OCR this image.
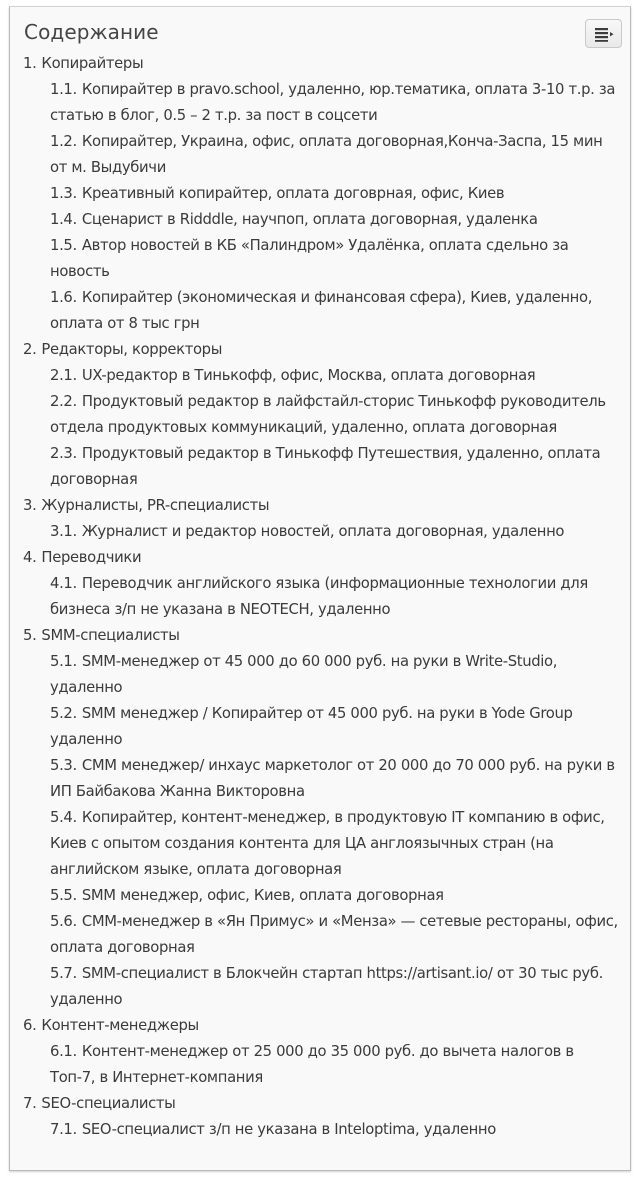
Содержание
1. Копирайтеры
1.1. Копирайтер в pravo.school, удаленно, юр.тематика, оплата 3-10 т.р. за статью в блог, 0.5 – 2 т.р. за пост в соцсети
1.2. Копирайтер, Украина, офис, оплата договорная,Конча-Заспа, 15 мин от м. Выдубичи
1.3. Креативный копирайтер, оплата договрная, офис, Киев
1.4. Сценарист в Ridddle, научпоп, оплата договорная, удаленка
1.5. Автор новостей в КБ «Палиндром» Удалёнка, оплата сдельно за новость
1.6. Копирайтер (экономическая и финансовая сфера), Киев, удаленно, оплата от 8 тыс грн
2. Редакторы, корректоры
2.1. UX-редактор в Тинькофф, офис, Москва, оплата договорная
2.2. Продуктовый редактор в лайфстайл-сторис Тинькофф руководитель отдела продуктовых коммуникаций, удаленно, оплата договорная
2.3. Продуктовый редактор в Тинькофф Путешествия, удаленно, оплата договорная
3. Журналисты, PR-специалисты
3.1. Журналист и редактор новостей, оплата договорная, удаленно
4. Переводчики
4.1. Переводчик английского языка (информационные технологии для бизнеса з/п не указана в NEOTECH, удаленно
5. SMM-специалисты
5.1. SMM-менеджер от 45 000 до 60 000 руб. на руки в Write-Studio, удаленно
5.2. SMM менеджер / Копирайтер от 45 000 руб. на руки в Yode Group удаленно
5.3. СММ менеджер/ инхаус маркетолог от 20 000 до 70 000 руб. на руки в ИП Байбакова Жанна Викторовна
5.4. Копирайтер, контент-менеджер, в продуктовую IT компанию в офис, Киев с опытом создания контента для ЦА англоязычных стран (на английском языке, оплата договорная
5.5. SMM менеджер, офис, Киев, оплата договорная
5.6. CMM-менеджер в «Ян Примус» и «Менза» — сетевые рестораны, офис, оплата договорная
5.7. SMM-специалист в Блокчейн стартап https://artisant.io/ от 30 тыс руб. удаленно
6. Контент-менеджеры
6.1. Контент-менеджер от 25 000 до 35 000 руб. до вычета налогов в Топ-7, в Интернет-компания
7. SEO-специалисты
7.1. SEO-специалист з/п не указана в Inteloptima, удаленно
